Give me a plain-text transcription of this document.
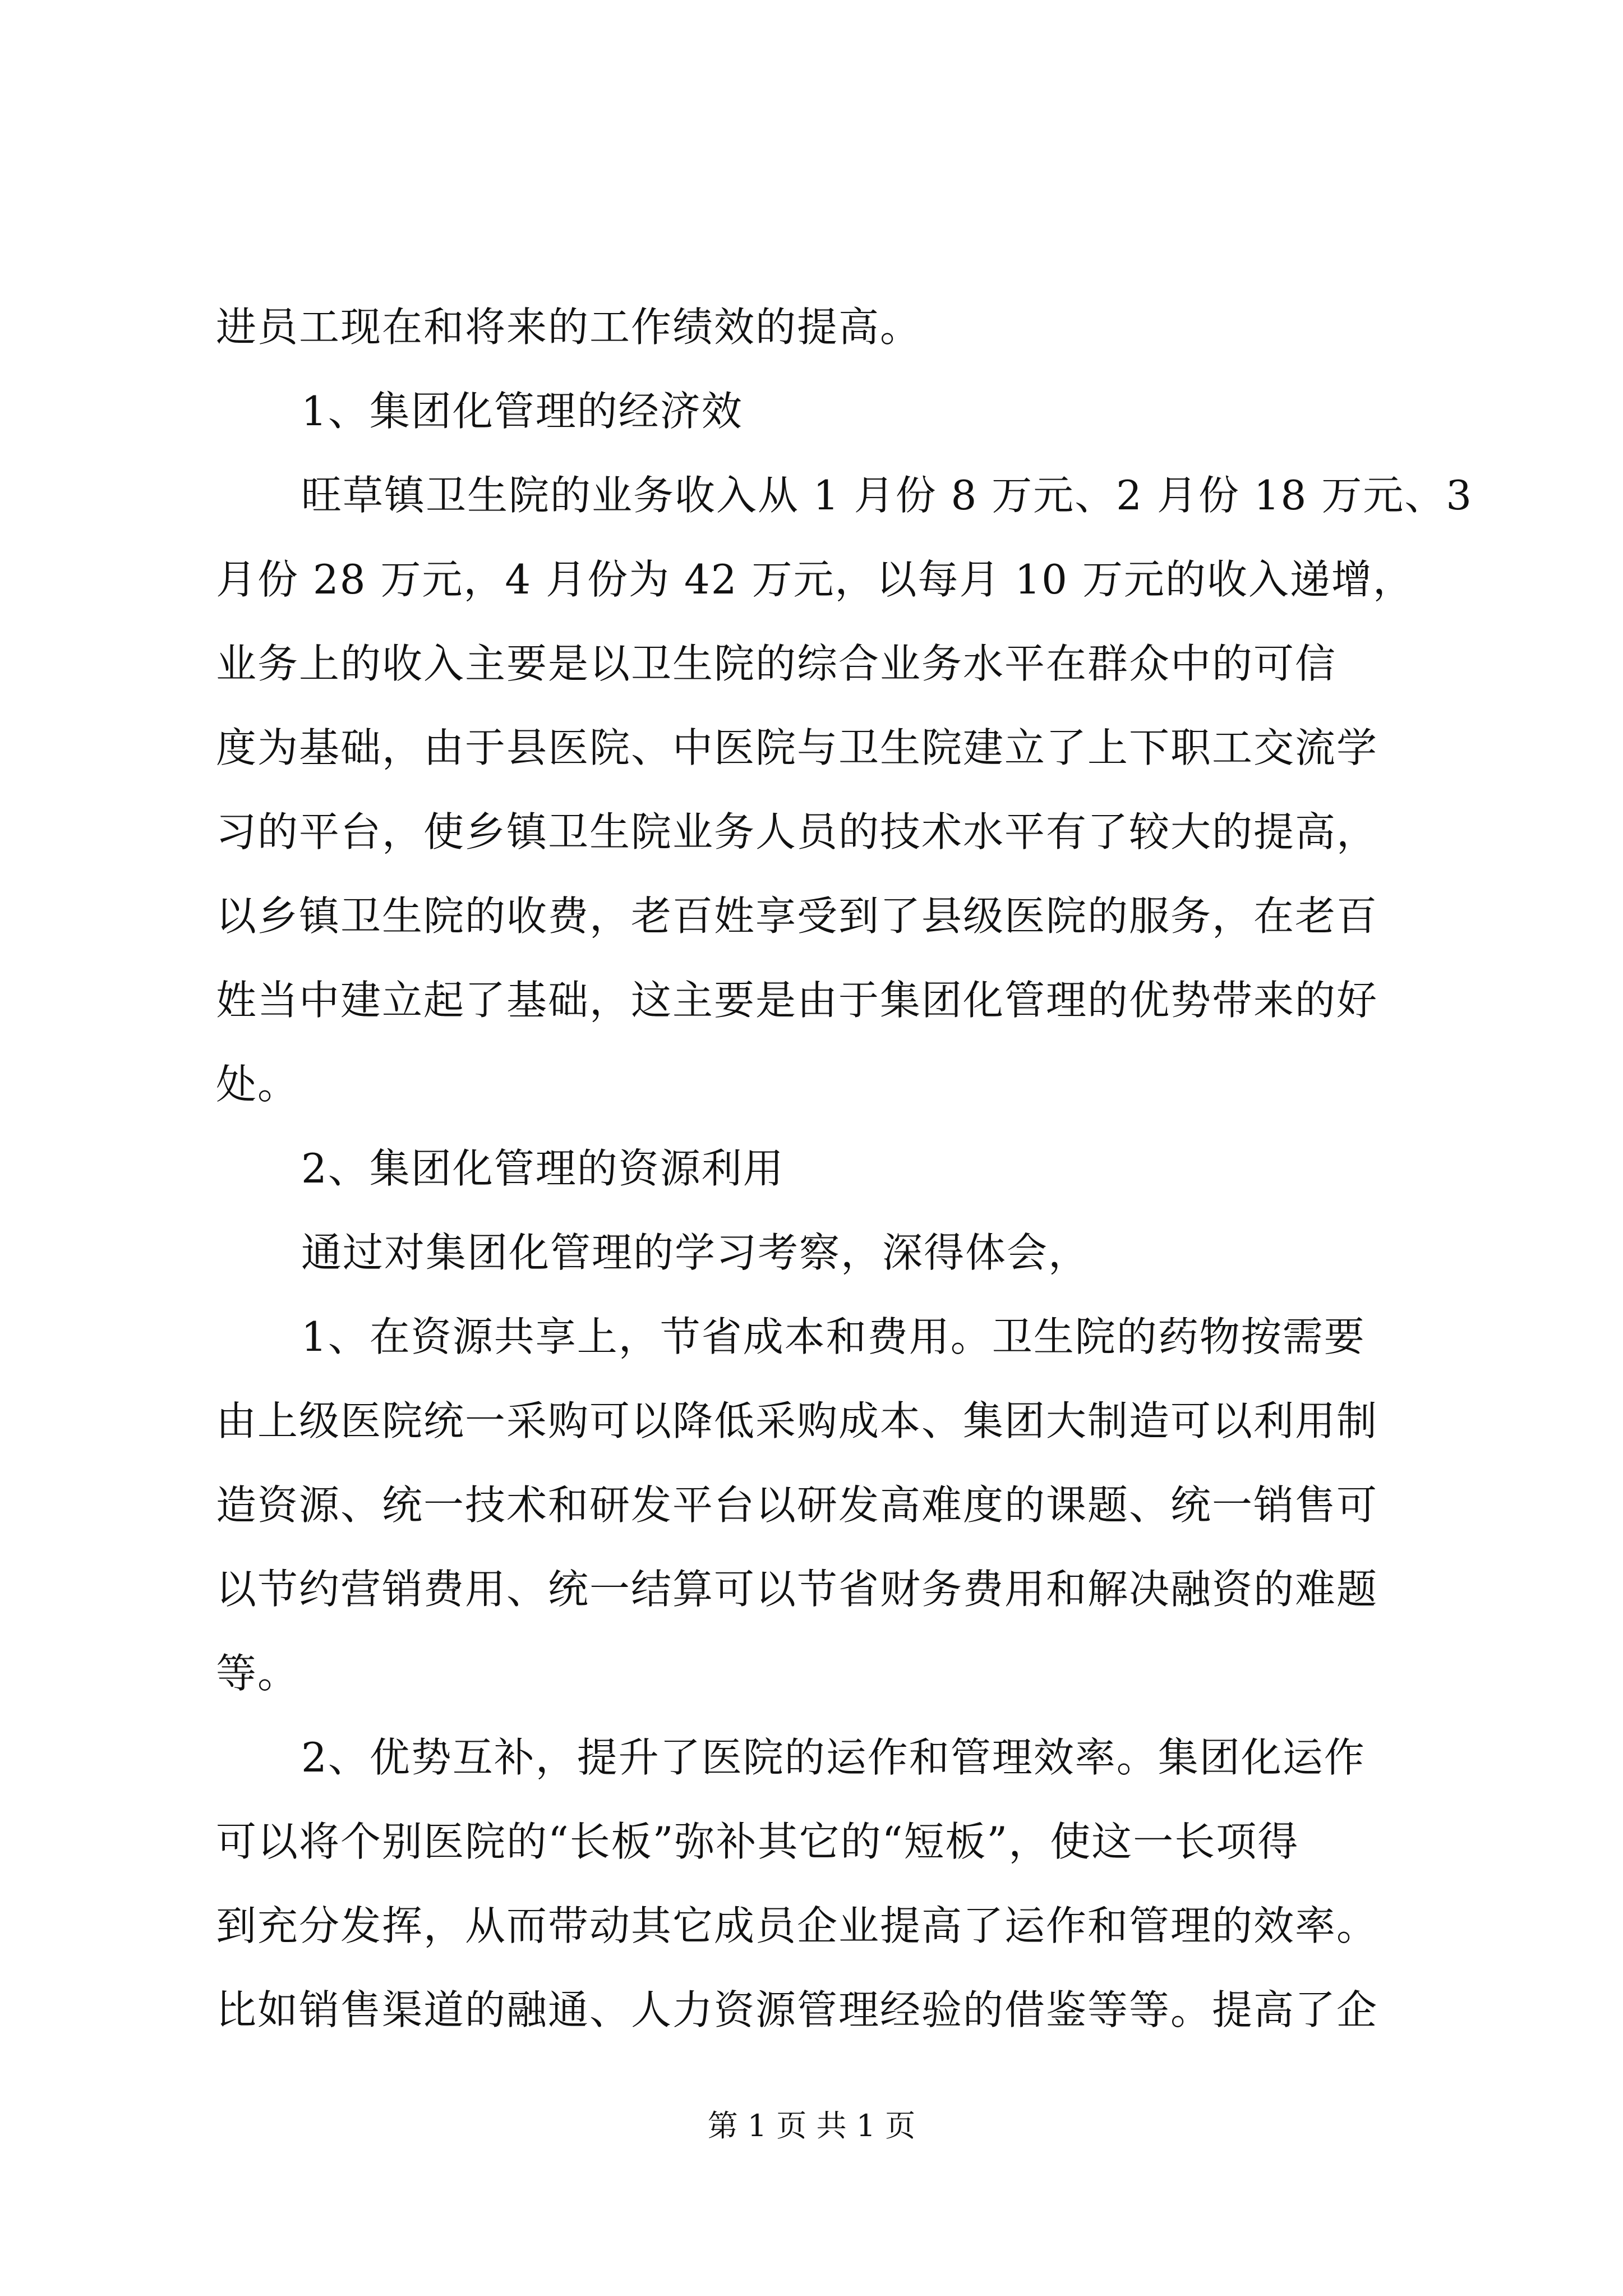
进员工现在和将来的工作绩效的提高。
1、集团化管理的经济效
旺草镇卫生院的业务收入从 1 月份 8 万元、2 月份 18 万元、3
月份 28 万元，4 月份为 42 万元，以每月 10 万元的收入递增，
业务上的收入主要是以卫生院的综合业务水平在群众中的可信
度为基础，由于县医院、中医院与卫生院建立了上下职工交流学
习的平台，使乡镇卫生院业务人员的技术水平有了较大的提高，
以乡镇卫生院的收费，老百姓享受到了县级医院的服务，在老百
姓当中建立起了基础，这主要是由于集团化管理的优势带来的好
处。
2、集团化管理的资源利用
通过对集团化管理的学习考察，深得体会，
1、在资源共享上，节省成本和费用。卫生院的药物按需要
由上级医院统一采购可以降低采购成本、集团大制造可以利用制
造资源、统一技术和研发平台以研发高难度的课题、统一销售可
以节约营销费用、统一结算可以节省财务费用和解决融资的难题
等。
2、优势互补，提升了医院的运作和管理效率。集团化运作
可以将个别医院的“长板”弥补其它的“短板”，使这一长项得
到充分发挥，从而带动其它成员企业提高了运作和管理的效率。
比如销售渠道的融通、人力资源管理经验的借鉴等等。提高了企
第 1 页 共 1 页
